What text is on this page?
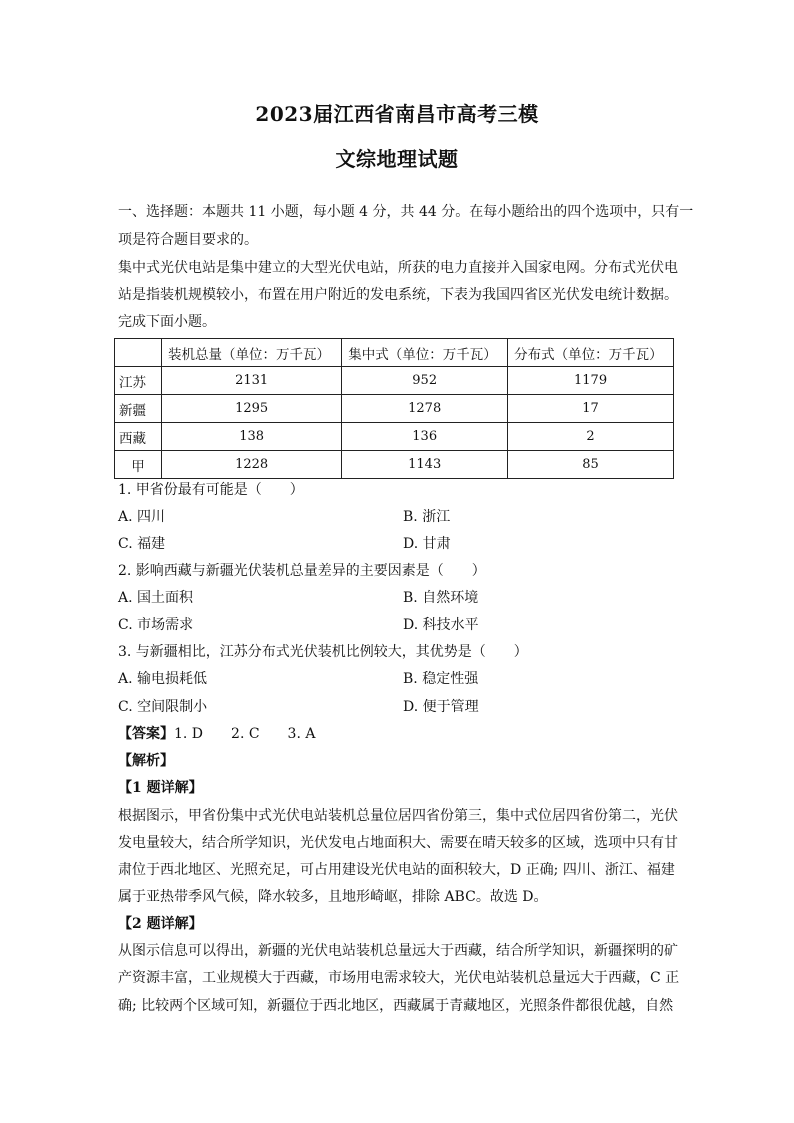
2023届江西省南昌市高考三模
文综地理试题
一、选择题：本题共 11 小题，每小题 4 分，共 44 分。在每小题给出的四个选项中，只有一
项是符合题目要求的。
集中式光伏电站是集中建立的大型光伏电站，所获的电力直接并入国家电网。分布式光伏电
站是指装机规模较小，布置在用户附近的发电系统，下表为我国四省区光伏发电统计数据。
完成下面小题。
	装机总量（单位：万千瓦）	集中式（单位：万千瓦）	分布式（单位：万千瓦）
江苏	2131	952	1179
新疆	1295	1278	17
西藏	138	136	2
甲	1228	1143	85
1. 甲省份最有可能是（　　）
A. 四川	B. 浙江
C. 福建	D. 甘肃
2. 影响西藏与新疆光伏装机总量差异的主要因素是（　　）
A. 国土面积	B. 自然环境
C. 市场需求	D. 科技水平
3. 与新疆相比，江苏分布式光伏装机比例较大，其优势是（　　）
A. 输电损耗低	B. 稳定性强
C. 空间限制小	D. 便于管理
【答案】1. D　　2. C　　3. A
【解析】
【1 题详解】
根据图示，甲省份集中式光伏电站装机总量位居四省份第三，集中式位居四省份第二，光伏
发电量较大，结合所学知识，光伏发电占地面积大、需要在晴天较多的区域，选项中只有甘
肃位于西北地区、光照充足，可占用建设光伏电站的面积较大，D 正确; 四川、浙江、福建
属于亚热带季风气候，降水较多，且地形崎岖，排除 ABC。故选 D。
【2 题详解】
从图示信息可以得出，新疆的光伏电站装机总量远大于西藏，结合所学知识，新疆探明的矿
产资源丰富，工业规模大于西藏，市场用电需求较大，光伏电站装机总量远大于西藏，C 正
确; 比较两个区域可知，新疆位于西北地区，西藏属于青藏地区，光照条件都很优越，自然
